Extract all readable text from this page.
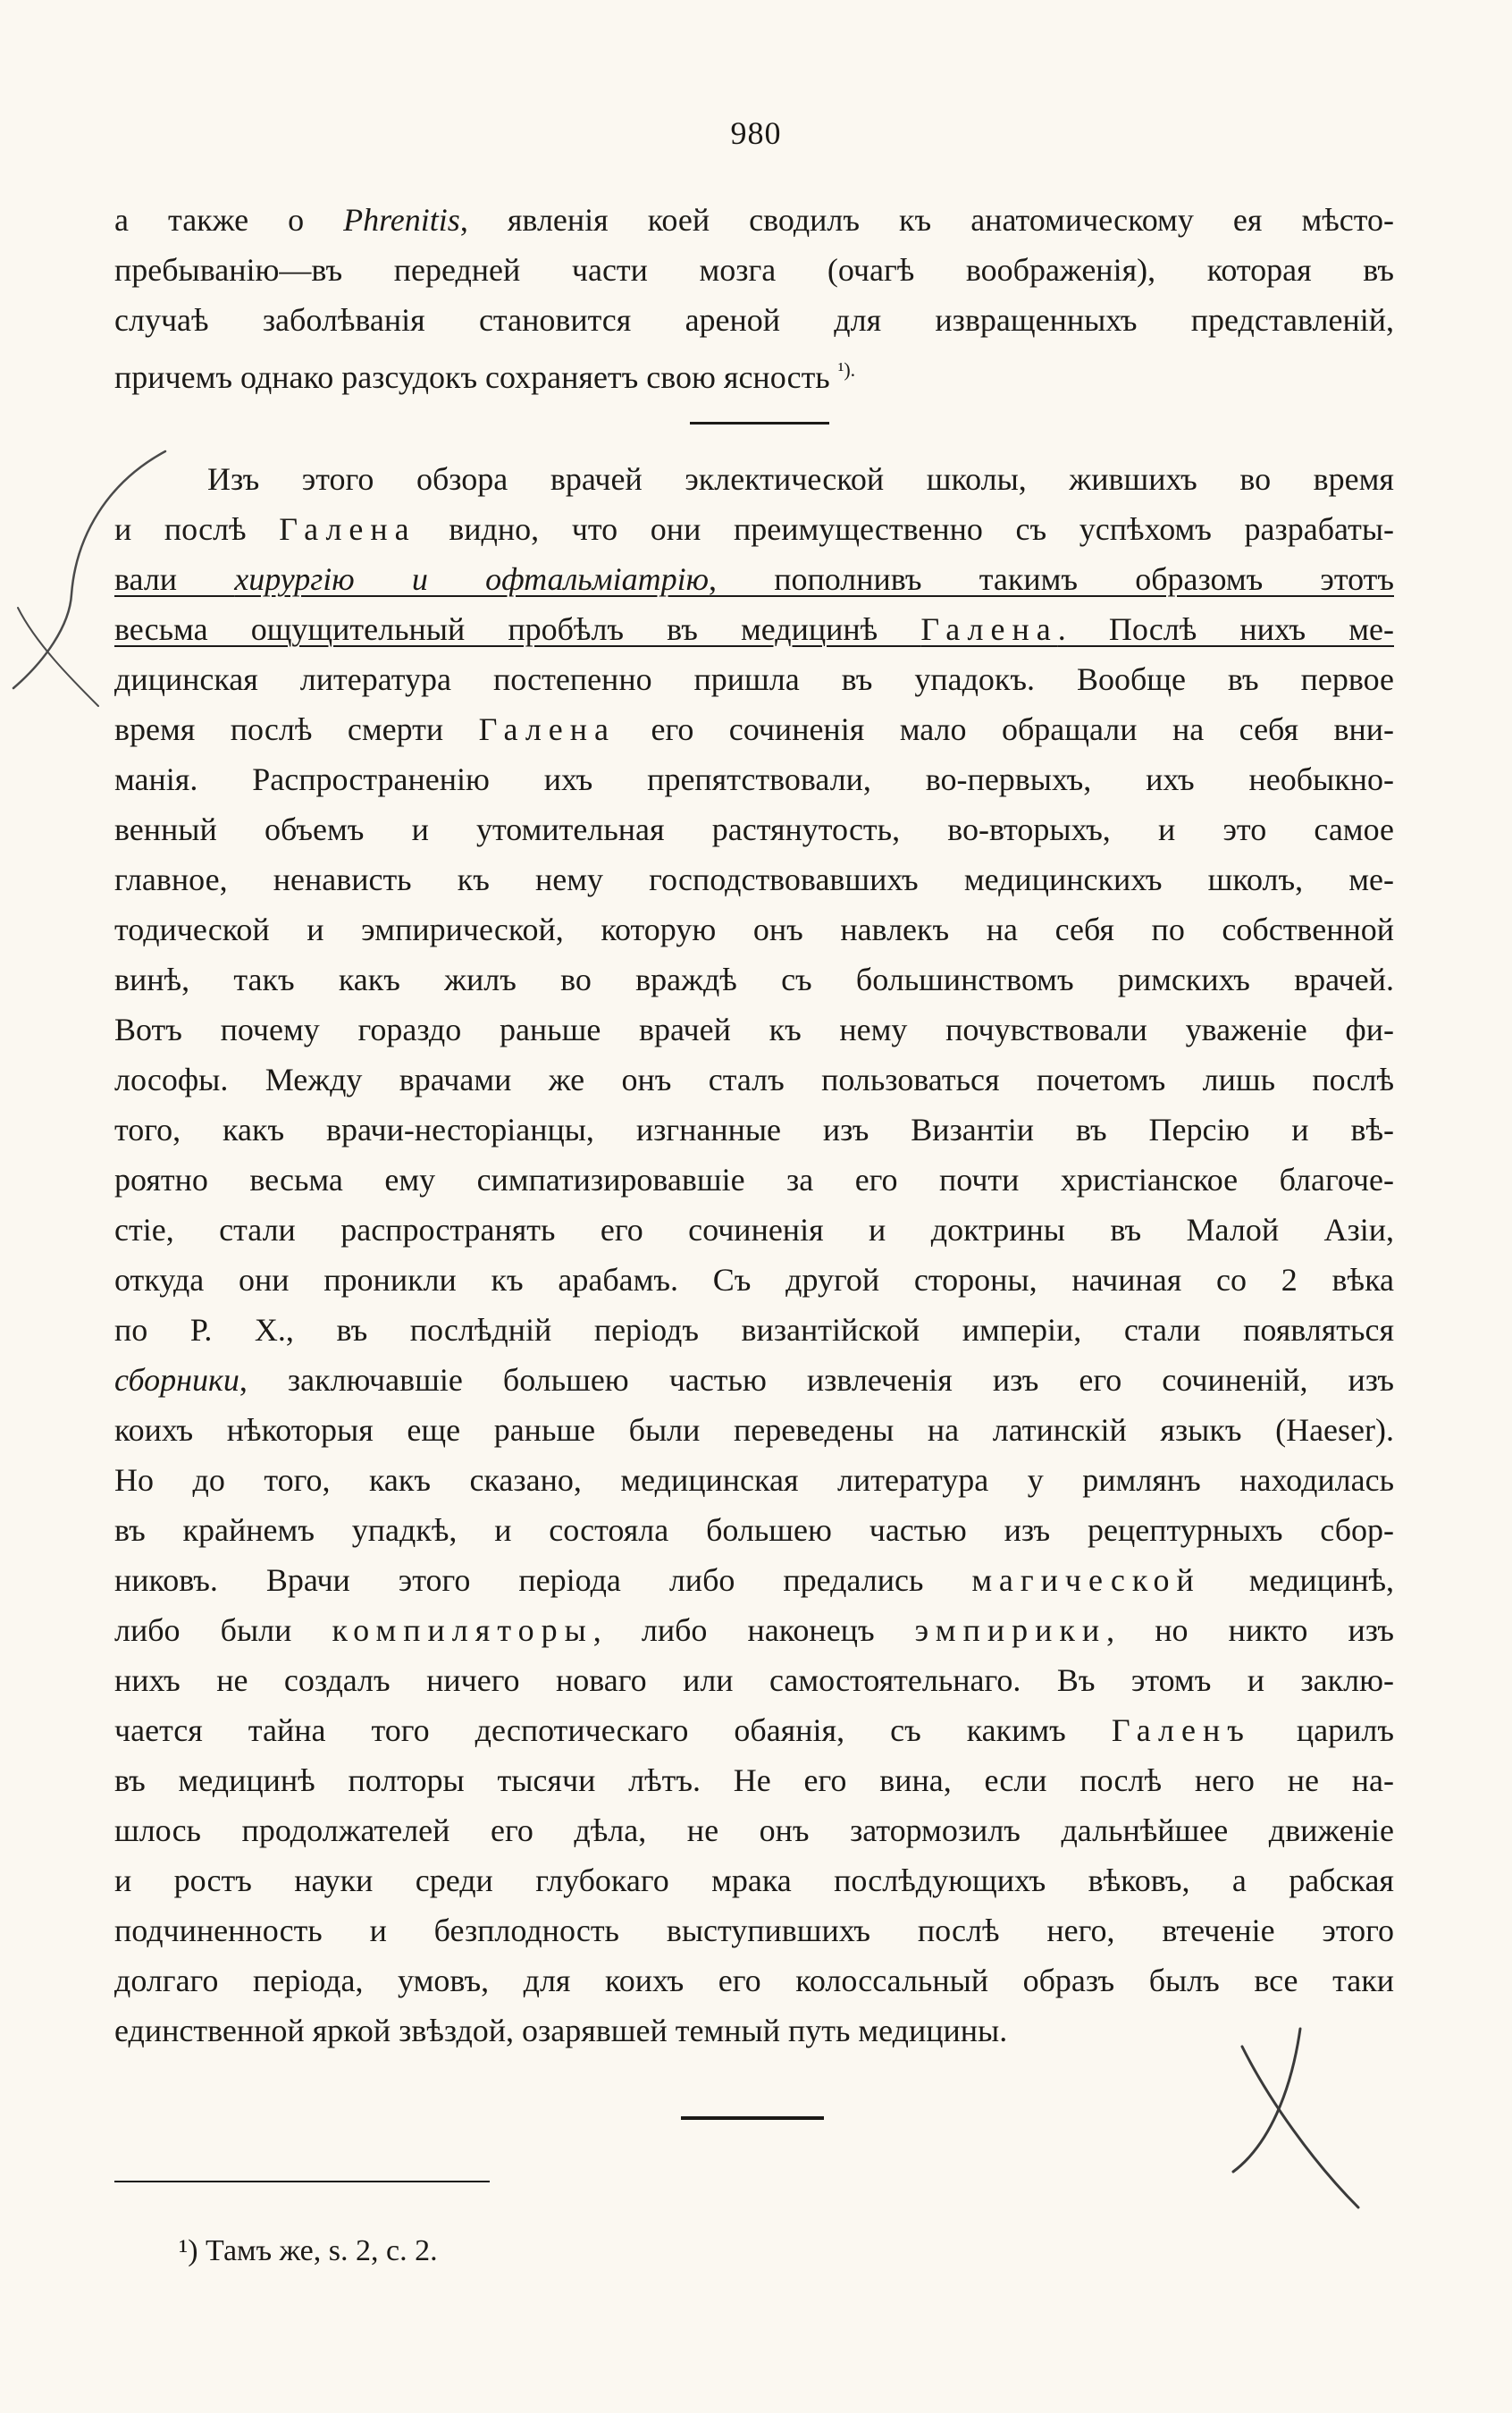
980
а также о Phrenitis, явленія коей сводилъ къ анатомическому ея мѣсто-
пребыванію—въ передней части мозга (очагѣ воображенія), которая въ
случаѣ заболѣванія становится ареной для извращенныхъ представленій,
причемъ однако разсудокъ сохраняетъ свою ясность $^{^1).}$
Изъ этого обзора врачей эклектической школы, жившихъ во время
и послѣ Галена видно, что они преимущественно съ успѣхомъ разрабаты-
вали хирургію и офтальміатрію, пополнивъ такимъ образомъ этотъ
весьма ощущительный пробѣлъ въ медицинѣ Галена. Послѣ нихъ ме-
дицинская литература постепенно пришла въ упадокъ. Вообще въ первое
время послѣ смерти Галена его сочиненія мало обращали на себя вни-
манія. Распространенію ихъ препятствовали, во-первыхъ, ихъ необыкно-
венный объемъ и утомительная растянутость, во-вторыхъ, и это самое
главное, ненависть къ нему господствовавшихъ медицинскихъ школъ, ме-
тодической и эмпирической, которую онъ навлекъ на себя по собственной
винѣ, такъ какъ жилъ во враждѣ съ большинствомъ римскихъ врачей.
Вотъ почему гораздо раньше врачей къ нему почувствовали уваженіе фи-
лософы. Между врачами же онъ сталъ пользоваться почетомъ лишь послѣ
того, какъ врачи-несторіанцы, изгнанные изъ Византіи въ Персію и вѣ-
роятно весьма ему симпатизировавшіе за его почти христіанское благоче-
стіе, стали распространять его сочиненія и доктрины въ Малой Азіи,
откуда они проникли къ арабамъ. Съ другой стороны, начиная со 2 вѣка
по Р. Х., въ послѣдній періодъ византійской имперіи, стали появляться
сборники, заключавшіе большею частью извлеченія изъ его сочиненій, изъ
коихъ нѣкоторыя еще раньше были переведены на латинскій языкъ (Haeser).
Но до того, какъ сказано, медицинская литература у римлянъ находилась
въ крайнемъ упадкѣ, и состояла большею частью изъ рецептурныхъ сбор-
никовъ. Врачи этого періода либо предались магической медицинѣ,
либо были компиляторы, либо наконецъ эмпирики, но никто изъ
нихъ не создалъ ничего новаго или самостоятельнаго. Въ этомъ и заклю-
чается тайна того деспотическаго обаянія, съ какимъ Галенъ царилъ
въ медицинѣ полторы тысячи лѣтъ. Не его вина, если послѣ него не на-
шлось продолжателей его дѣла, не онъ затормозилъ дальнѣйшее движеніе
и ростъ науки среди глубокаго мрака послѣдующихъ вѣковъ, а рабская
подчиненность и безплодность выступившихъ послѣ него, втеченіе этого
долгаго періода, умовъ, для коихъ его колоссальный образъ былъ все таки
единственной яркой звѣздой, озарявшей темный путь медицины.
¹) Тамъ же, s. 2, c. 2.
